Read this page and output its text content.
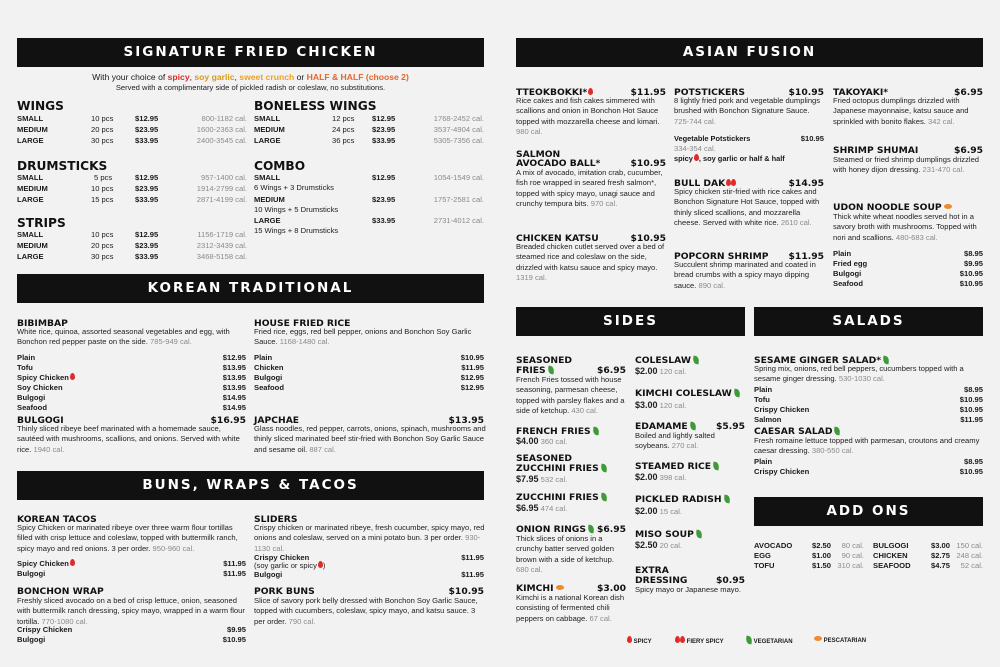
SIGNATURE FRIED CHICKEN
With your choice of spicy, soy garlic, sweet crunch or HALF & HALF (choose 2)
Served with a complimentary side of pickled radish or coleslaw, no substitutions.
WINGS
SMALL	10 pcs	$12.95	800-1182 cal.
MEDIUM	20 pcs	$23.95	1600-2363 cal.
LARGE	30 pcs	$33.95	2400-3545 cal.
DRUMSTICKS
SMALL	5 pcs	$12.95	957-1400 cal.
MEDIUM	10 pcs	$23.95	1914-2799 cal.
LARGE	15 pcs	$33.95	2871-4199 cal.
STRIPS
SMALL	10 pcs	$12.95	1156-1719 cal.
MEDIUM	20 pcs	$23.95	2312-3439 cal.
LARGE	30 pcs	$33.95	3468-5158 cal.
BONELESS WINGS
SMALL	12 pcs $12.95	1768-2452 cal.
MEDIUM	24 pcs $23.95	3537-4904 cal.
LARGE	36 pcs $33.95	5305-7356 cal.
COMBO
SMALL	$12.95	1054-1549 cal.
6 Wings + 3 Drumsticks
MEDIUM	$23.95	1757-2581 cal.
10 Wings + 5 Drumsticks
LARGE	$33.95	2731-4012 cal.
15 Wings + 8 Drumsticks
KOREAN TRADITIONAL
BIBIMBAP
White rice, quinoa, assorted seasonal vegetables and egg, with Bonchon red pepper paste on the side. 785-949 cal.
Plain	$12.95
Tofu	$13.95
Spicy Chicken	$13.95
Soy Chicken	$13.95
Bulgogi	$14.95
Seafood	$14.95
BULGOGI	$16.95
Thinly sliced ribeye beef marinated with a homemade sauce, sautéed with mushrooms, scallions, and onions. Served with white rice. 1940 cal.
HOUSE FRIED RICE
Fried rice, eggs, red bell pepper, onions and Bonchon Soy Garlic Sauce. 1168-1480 cal.
Plain	$10.95
Chicken	$11.95
Bulgogi	$12.95
Seafood	$12.95
JAPCHAE	$13.95
Glass noodles, red pepper, carrots, onions, spinach, mushrooms and thinly sliced marinated beef stir-fried with Bonchon Soy Garlic Sauce and sesame oil. 887 cal.
BUNS, WRAPS & TACOS
KOREAN TACOS
Spicy Chicken or marinated ribeye over three warm flour tortillas filled with crisp lettuce and coleslaw, topped with buttermilk ranch, spicy mayo and red onions. 3 per order. 950-960 cal.
Spicy Chicken	$11.95
Bulgogi	$11.95
BONCHON WRAP
Freshly sliced avocado on a bed of crisp lettuce, onion, seasoned with buttermilk ranch dressing, spicy mayo, wrapped in a warm flour tortilla. 770-1080 cal.
Crispy Chicken	$9.95
Bulgogi	$10.95
SLIDERS
Crispy chicken or marinated ribeye, fresh cucumber, spicy mayo, red onions and coleslaw, served on a mini potato bun. 3 per order. 930-1130 cal.
Crispy Chicken	$11.95
(soy garlic or spicy )
Bulgogi	$11.95
PORK BUNS	$10.95
Slice of savory pork belly dressed with Bonchon Soy Garlic Sauce, topped with cucumbers, coleslaw, spicy mayo, and katsu sauce. 3 per order. 790 cal.
ASIAN FUSION
TTEOKBOKKI*	$11.95
Rice cakes and fish cakes simmered with scallions and onion in Bonchon Hot Sauce topped with mozzarella cheese and kimari. 980 cal.
SALMON
AVOCADO BALL*	$10.95
A mix of avocado, imitation crab, cucumber, fish roe wrapped in seared fresh salmon*, topped with spicy mayo, unagi sauce and crunchy tempura bits. 970 cal.
CHICKEN KATSU	$10.95
Breaded chicken cutlet served over a bed of steamed rice and coleslaw on the side, drizzled with katsu sauce and spicy mayo. 1319 cal.
POTSTICKERS	$10.95
8 lightly fried pork and vegetable dumplings brushed with Bonchon Signature Sauce. 725-744 cal.
Vegetable Potstickers	$10.95
334-354 cal.
spicy , soy garlic or half & half
BULL DAK	$14.95
Spicy chicken stir-fried with rice cakes and Bonchon Signature Hot Sauce, topped with thinly sliced scallions, and mozzarella cheese. Served with white rice. 2610 cal.
POPCORN SHRIMP	$11.95
Succulent shrimp marinated and coated in bread crumbs with a spicy mayo dipping sauce. 890 cal.
TAKOYAKI*	$6.95
Fried octopus dumplings drizzled with Japanese mayonnaise, katsu sauce and sprinkled with bonito flakes. 342 cal.
SHRIMP SHUMAI	$6.95
Steamed or fried shrimp dumplings drizzled with honey dijon dressing. 231-470 cal.
UDON NOODLE SOUP
Thick white wheat noodles served hot in a savory broth with mushrooms. Topped with nori and scallions. 480-683 cal.
Plain	$8.95
Fried egg	$9.95
Bulgogi	$10.95
Seafood	$10.95
SIDES
SEASONED
FRIES	$6.95
French Fries tossed with house seasoning, parmesan cheese, topped with parsley flakes and a side of ketchup. 430 cal.
FRENCH FRIES
$4.00 360 cal.
SEASONED
ZUCCHINI FRIES
$7.95 532 cal.
ZUCCHINI FRIES
$6.95 474 cal.
ONION RINGS	$6.95
Thick slices of onions in a crunchy batter served golden brown with a side of ketchup. 680 cal.
KIMCHI	$3.00
Kimchi is a national Korean dish consisting of fermented chili peppers on cabbage. 67 cal.
COLESLAW
$2.00 120 cal.
KIMCHI COLESLAW
$3.00 120 cal.
EDAMAME	$5.95
Boiled and lightly salted soybeans. 270 cal.
STEAMED RICE
$2.00 398 cal.
PICKLED RADISH
$2.00 15 cal.
MISO SOUP
$2.50 20 cal.
EXTRA
DRESSING	$0.95
Spicy mayo or Japanese mayo.
SALADS
SESAME GINGER SALAD*
Spring mix, onions, red bell peppers, cucumbers topped with a sesame ginger dressing. 530-1030 cal.
Plain	$8.95
Tofu	$10.95
Crispy Chicken	$10.95
Salmon	$11.95
CAESAR SALAD
Fresh romaine lettuce topped with parmesan, croutons and creamy caesar dressing. 380-550 cal.
Plain	$8.95
Crispy Chicken	$10.95
ADD ONS
AVOCADO	$2.50 80 cal.
EGG	$1.00 90 cal.
TOFU	$1.50 310 cal.
BULGOGI	$3.00 150 cal.
CHICKEN	$2.75 248 cal.
SEAFOOD	$4.75 52 cal.
SPICY	FIERY SPICY	VEGETARIAN	PESCATARIAN
